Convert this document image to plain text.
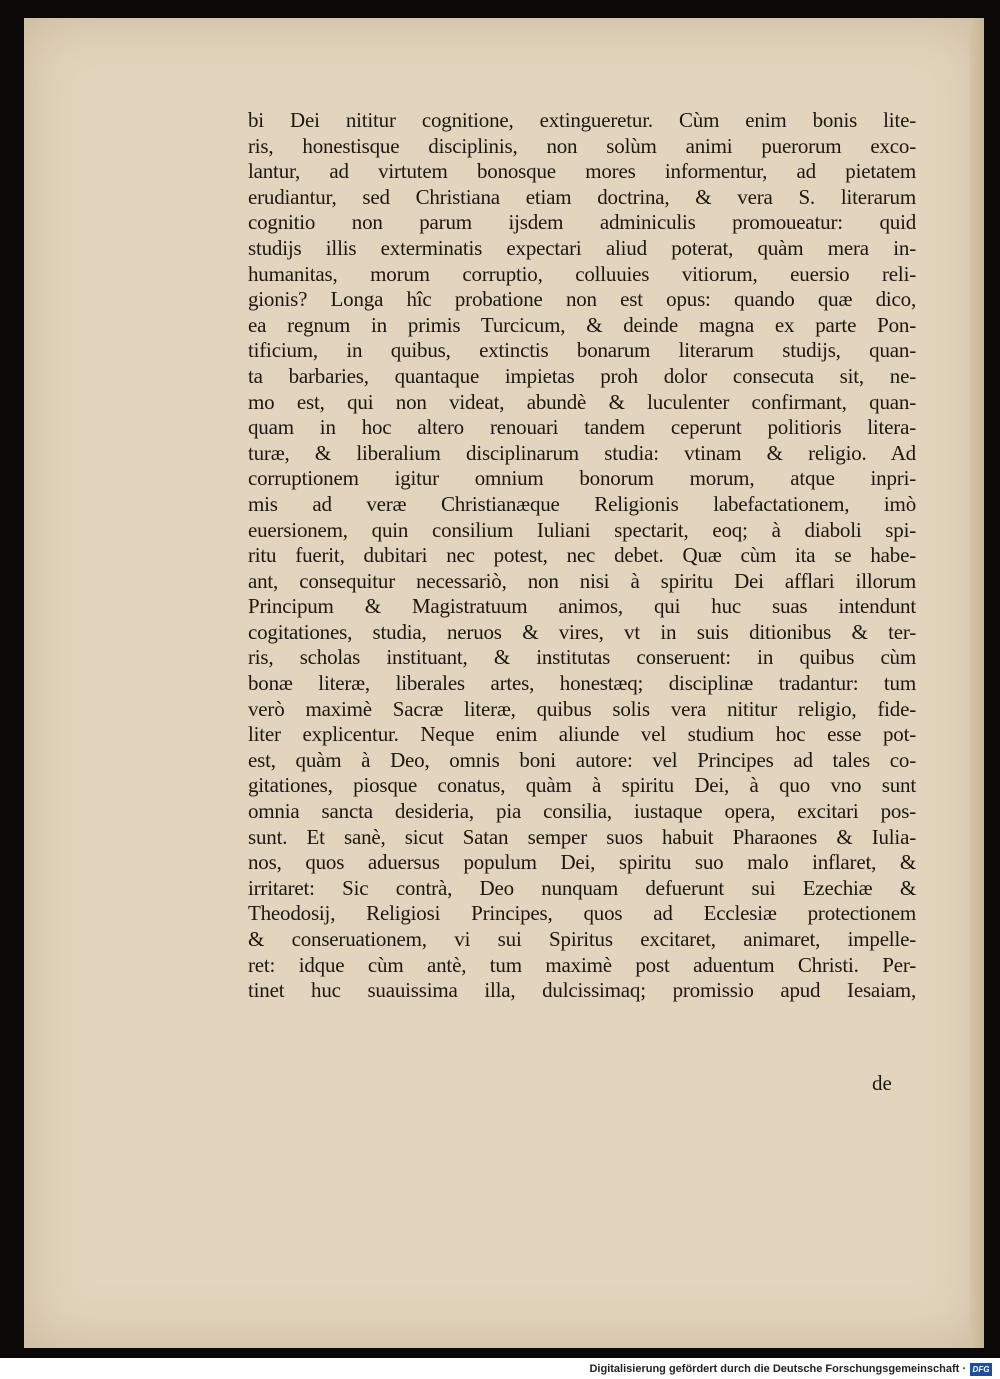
bi Dei nititur cognitione, extingueretur. Cùm enim bonis lite-
ris, honestisque disciplinis, non solùm animi puerorum exco-
lantur, ad virtutem bonosque mores informentur, ad pietatem
erudiantur, sed Christiana etiam doctrina, & vera S. literarum
cognitio non parum ijsdem adminiculis promoueatur: quid
studijs illis exterminatis expectari aliud poterat, quàm mera in-
humanitas, morum corruptio, colluuies vitiorum, euersio reli-
gionis? Longa hîc probatione non est opus: quando quæ dico,
ea regnum in primis Turcicum, & deinde magna ex parte Pon-
tificium, in quibus, extinctis bonarum literarum studijs, quan-
ta barbaries, quantaque impietas proh dolor consecuta sit, ne-
mo est, qui non videat, abundè & luculenter confirmant, quan-
quam in hoc altero renouari tandem ceperunt politioris litera-
turæ, & liberalium disciplinarum studia: vtinam & religio. Ad
corruptionem igitur omnium bonorum morum, atque inpri-
mis ad veræ Christianæque Religionis labefactationem, imò
euersionem, quin consilium Iuliani spectarit, eoq; à diaboli spi-
ritu fuerit, dubitari nec potest, nec debet. Quæ cùm ita se habe-
ant, consequitur necessariò, non nisi à spiritu Dei afflari illorum
Principum & Magistratuum animos, qui huc suas intendunt
cogitationes, studia, neruos & vires, vt in suis ditionibus & ter-
ris, scholas instituant, & institutas conseruent: in quibus cùm
bonæ literæ, liberales artes, honestæq; disciplinæ tradantur: tum
verò maximè Sacræ literæ, quibus solis vera nititur religio, fide-
liter explicentur. Neque enim aliunde vel studium hoc esse pot-
est, quàm à Deo, omnis boni autore: vel Principes ad tales co-
gitationes, piosque conatus, quàm à spiritu Dei, à quo vno sunt
omnia sancta desideria, pia consilia, iustaque opera, excitari pos-
sunt. Et sanè, sicut Satan semper suos habuit Pharaones & Iulia-
nos, quos aduersus populum Dei, spiritu suo malo inflaret, &
irritaret: Sic contrà, Deo nunquam defuerunt sui Ezechiæ &
Theodosij, Religiosi Principes, quos ad Ecclesiæ protectionem
& conseruationem, vi sui Spiritus excitaret, animaret, impelle-
ret: idque cùm antè, tum maximè post aduentum Christi. Per-
tinet huc suauissima illa, dulcissimaq; promissio apud Iesaiam,
de
Digitalisierung gefördert durch die Deutsche Forschungsgemeinschaft · DFG
